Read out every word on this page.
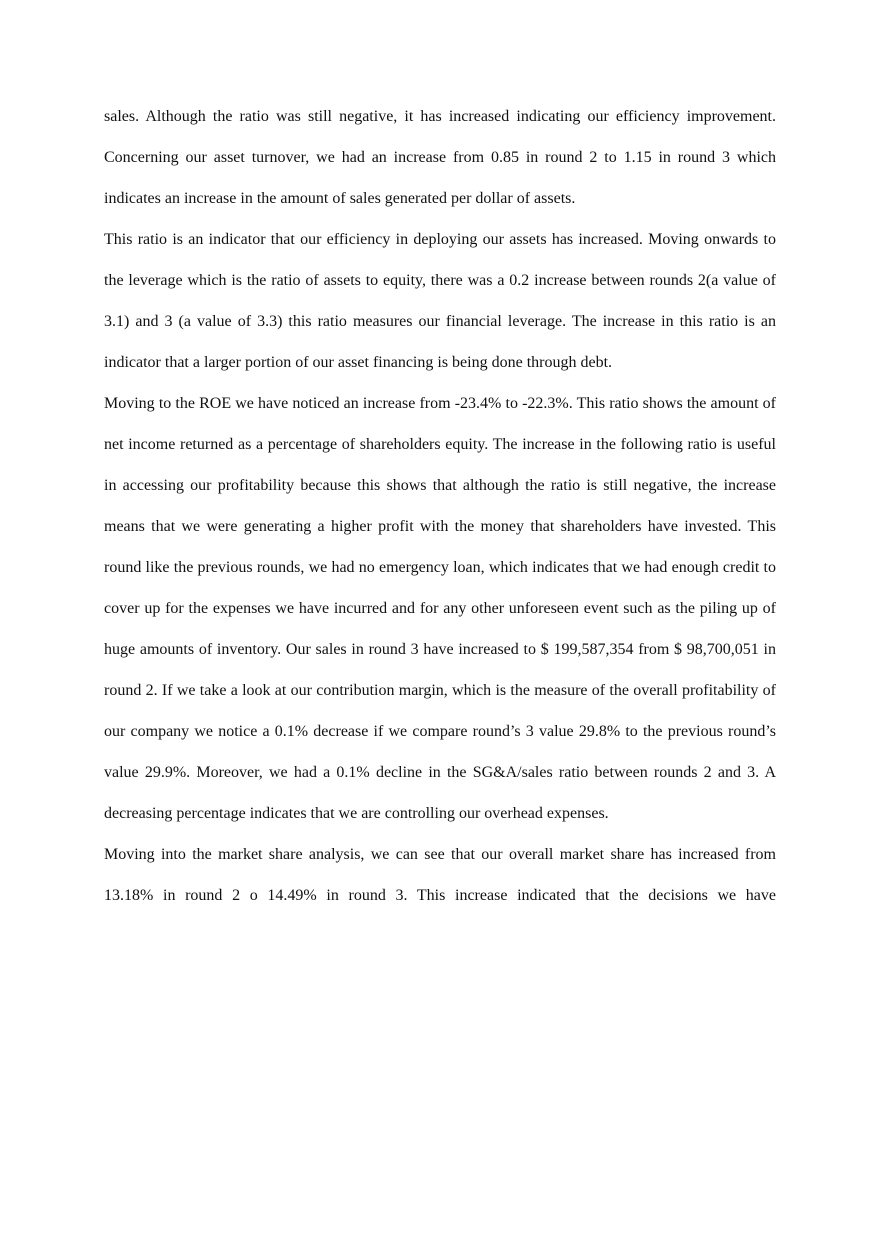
sales. Although the ratio was still negative, it has increased indicating our efficiency improvement. Concerning our asset turnover, we had an increase from 0.85 in round 2 to 1.15 in round 3 which indicates an increase in the amount of sales generated per dollar of assets.

This ratio is an indicator that our efficiency in deploying our assets has increased. Moving onwards to the leverage which is the ratio of assets to equity, there was a 0.2 increase between rounds 2(a value of 3.1) and 3 (a value of 3.3) this ratio measures our financial leverage. The increase in this ratio is an indicator that a larger portion of our asset financing is being done through debt.

Moving to the ROE we have noticed an increase from -23.4% to -22.3%. This ratio shows the amount of net income returned as a percentage of shareholders equity. The increase in the following ratio is useful in accessing our profitability because this shows that although the ratio is still negative, the increase means that we were generating a higher profit with the money that shareholders have invested. This round like the previous rounds, we had no emergency loan, which indicates that we had enough credit to cover up for the expenses we have incurred and for any other unforeseen event such as the piling up of huge amounts of inventory. Our sales in round 3 have increased to $ 199,587,354 from $ 98,700,051 in round 2. If we take a look at our contribution margin, which is the measure of the overall profitability of our company we notice a 0.1% decrease if we compare round’s 3 value 29.8% to the previous round’s value 29.9%. Moreover, we had a 0.1% decline in the SG&A/sales ratio between rounds 2 and 3. A decreasing percentage indicates that we are controlling our overhead expenses.

Moving into the market share analysis, we can see that our overall market share has increased from 13.18% in round 2 o 14.49% in round 3. This increase indicated that the decisions we have
